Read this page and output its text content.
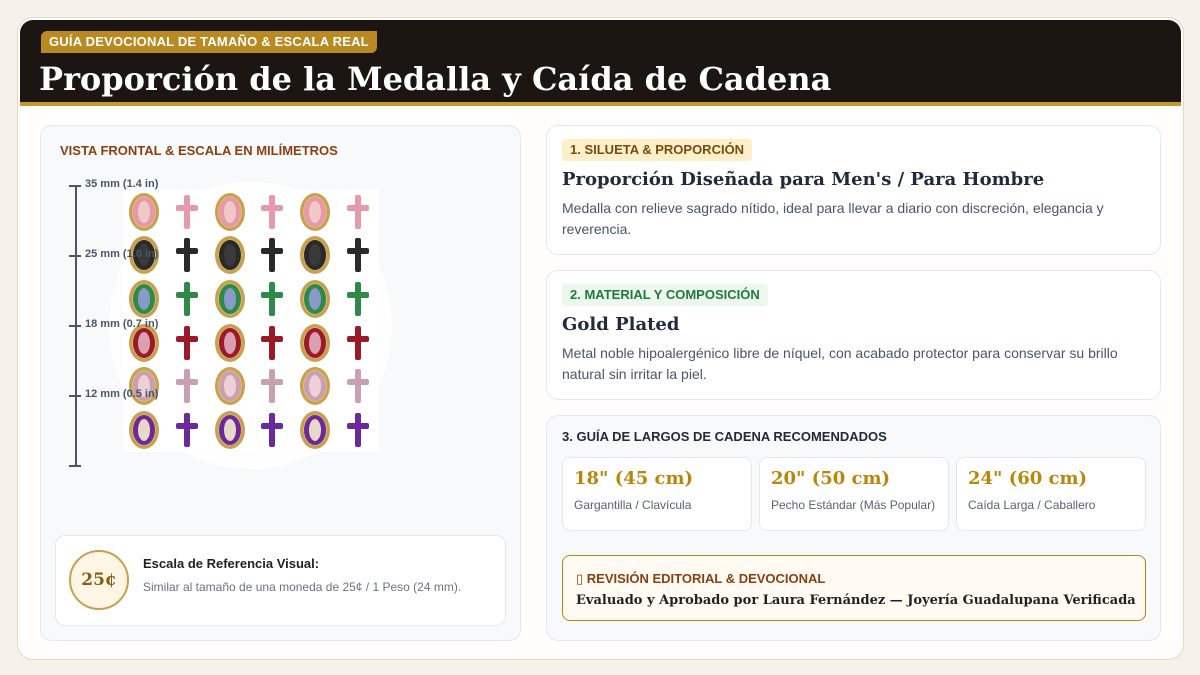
GUÍA DEVOCIONAL DE TAMAÑO & ESCALA REAL
Proporción de la Medalla y Caída de Cadena
VISTA FRONTAL & ESCALA EN MILÍMETROS
35 mm (1.4 in)
25 mm (1.0 in)
18 mm (0.7 in)
12 mm (0.5 in)
25¢
Escala de Referencia Visual:
Similar al tamaño de una moneda de 25¢ / 1 Peso (24 mm).
1. SILUETA & PROPORCIÓN
Proporción Diseñada para Men's / Para Hombre
Medalla con relieve sagrado nítido, ideal para llevar a diario con discreción, elegancia y reverencia.
2. MATERIAL Y COMPOSICIÓN
Gold Plated
Metal noble hipoalergénico libre de níquel, con acabado protector para conservar su brillo natural sin irritar la piel.
3. GUÍA DE LARGOS DE CADENA RECOMENDADOS
18" (45 cm)
Gargantilla / Clavícula
20" (50 cm)
Pecho Estándar (Más Popular)
24" (60 cm)
Caída Larga / Caballero
▯ REVISIÓN EDITORIAL & DEVOCIONAL
Evaluado y Aprobado por Laura Fernández — Joyería Guadalupana Verificada
